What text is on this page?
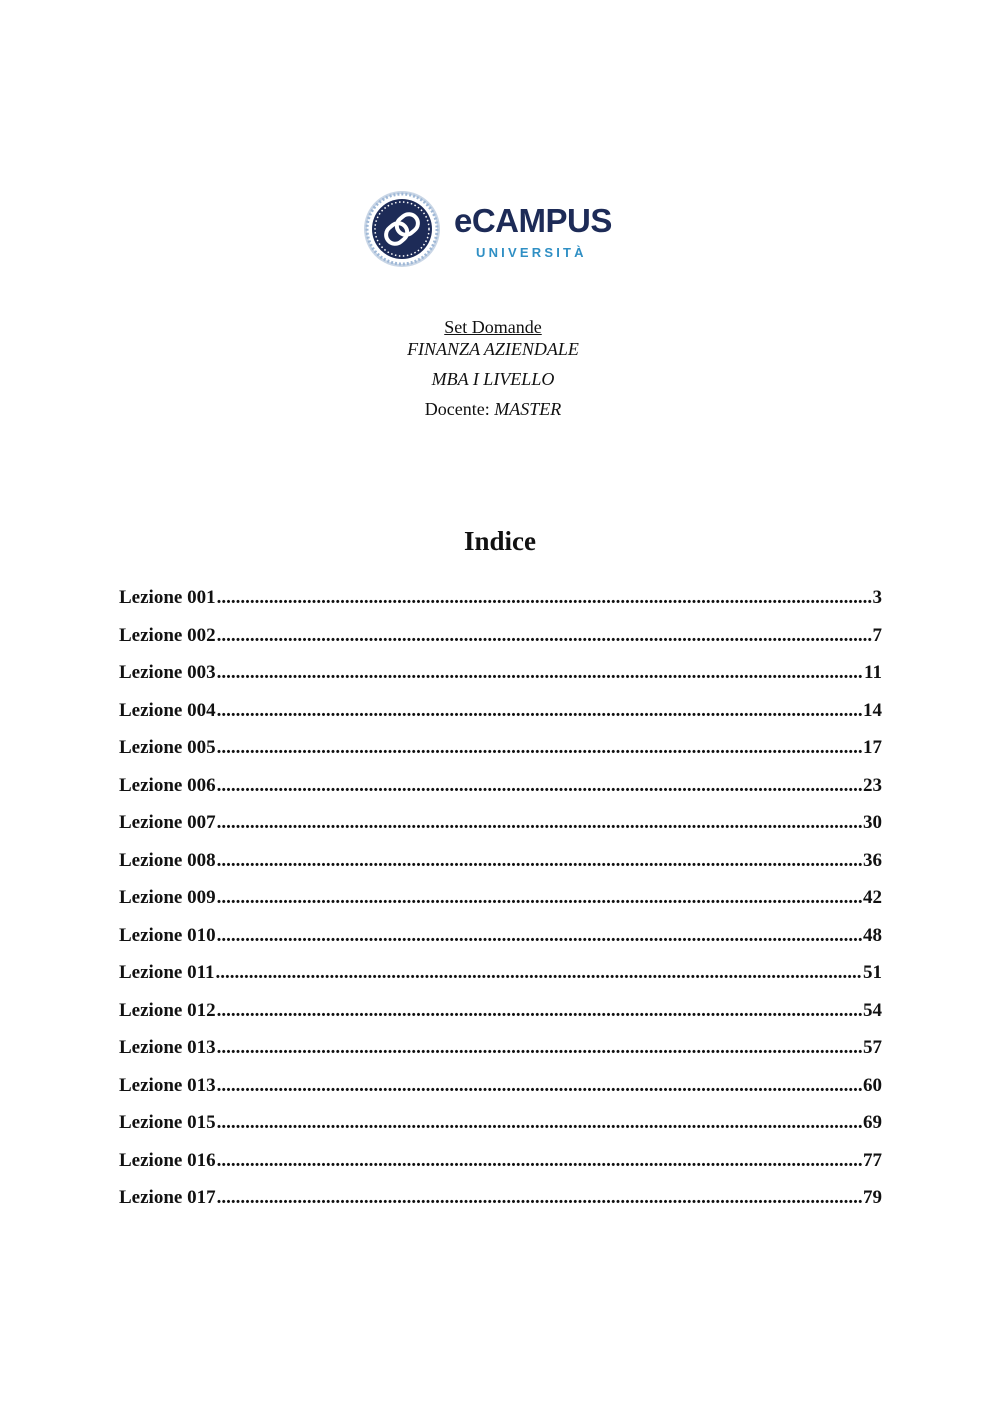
eCAMPUS
UNIVERSITÀ
Set Domande
FINANZA AZIENDALE
MBA I LIVELLO
Docente: MASTER
Indice
Lezione 001 .....	3
Lezione 002 .....	7
Lezione 003 .....	11
Lezione 004 .....	14
Lezione 005 .....	17
Lezione 006 .....	23
Lezione 007 .....	30
Lezione 008 .....	36
Lezione 009 .....	42
Lezione 010 .....	48
Lezione 011 .....	51
Lezione 012 .....	54
Lezione 013 .....	57
Lezione 013 .....	60
Lezione 015 .....	69
Lezione 016 .....	77
Lezione 017 .....	79
